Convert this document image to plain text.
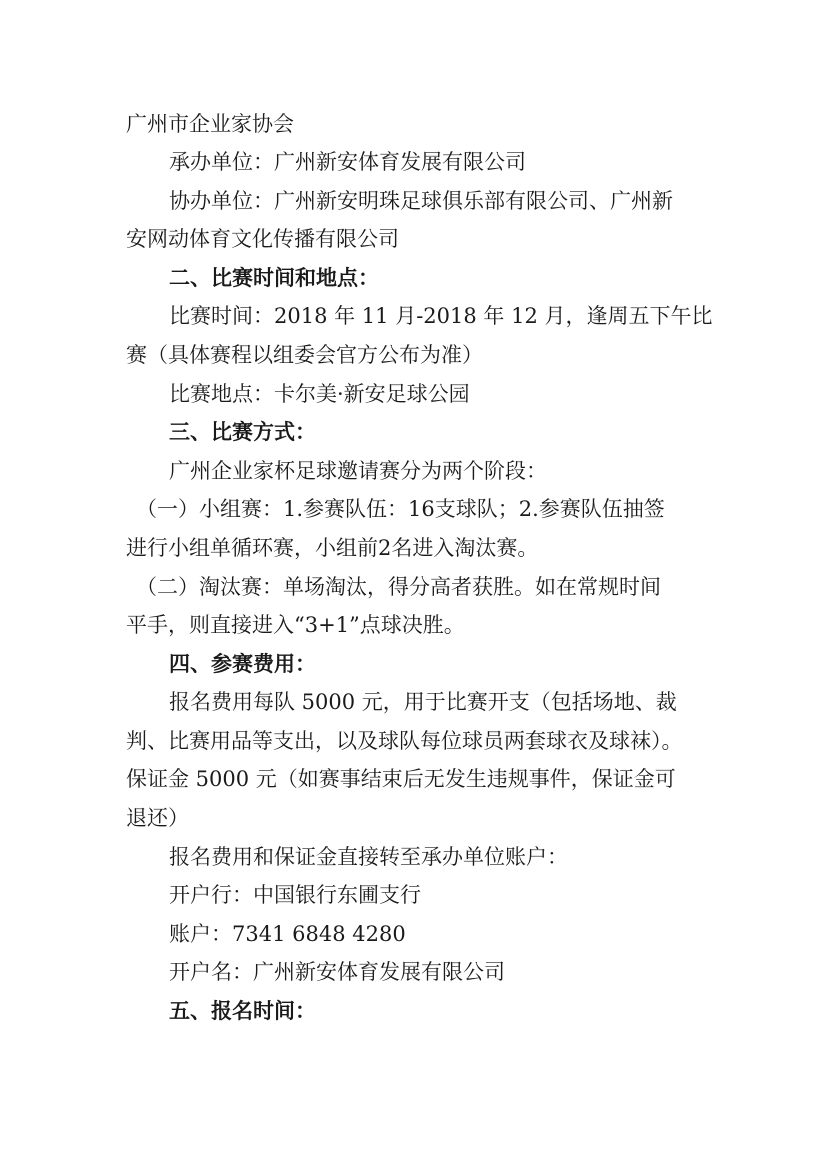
广州市企业家协会
承办单位：广州新安体育发展有限公司
协办单位：广州新安明珠足球俱乐部有限公司、广州新
安网动体育文化传播有限公司
二、比赛时间和地点：
比赛时间：2018 年 11 月-2018 年 12 月，逢周五下午比
赛（具体赛程以组委会官方公布为准）
比赛地点：卡尔美·新安足球公园
三、比赛方式：
广州企业家杯足球邀请赛分为两个阶段：
（一）小组赛：1.参赛队伍：16支球队；2.参赛队伍抽签
进行小组单循环赛，小组前2名进入淘汰赛。
（二）淘汰赛：单场淘汰，得分高者获胜。如在常规时间
平手，则直接进入“3+1”点球决胜。
四、参赛费用：
报名费用每队 5000 元，用于比赛开支（包括场地、裁
判、比赛用品等支出，以及球队每位球员两套球衣及球袜）。
保证金 5000 元（如赛事结束后无发生违规事件，保证金可
退还）
报名费用和保证金直接转至承办单位账户：
开户行：中国银行东圃支行
账户：7341 6848 4280
开户名：广州新安体育发展有限公司
五、报名时间：
